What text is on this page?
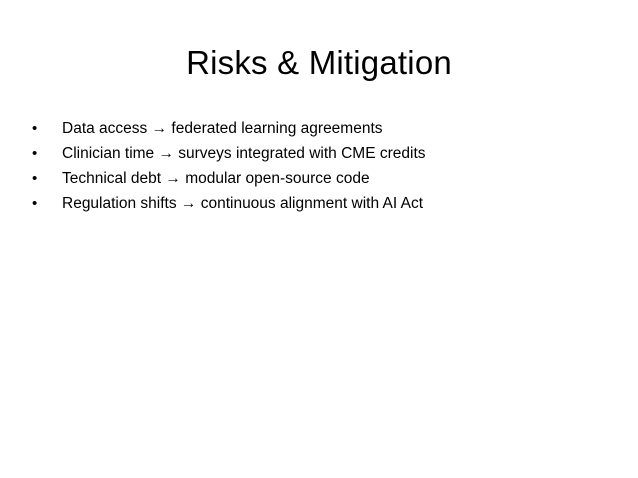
Risks & Mitigation
•	Data access → federated learning agreements
•	Clinician time → surveys integrated with CME credits
•	Technical debt → modular open-source code
•	Regulation shifts → continuous alignment with AI Act
